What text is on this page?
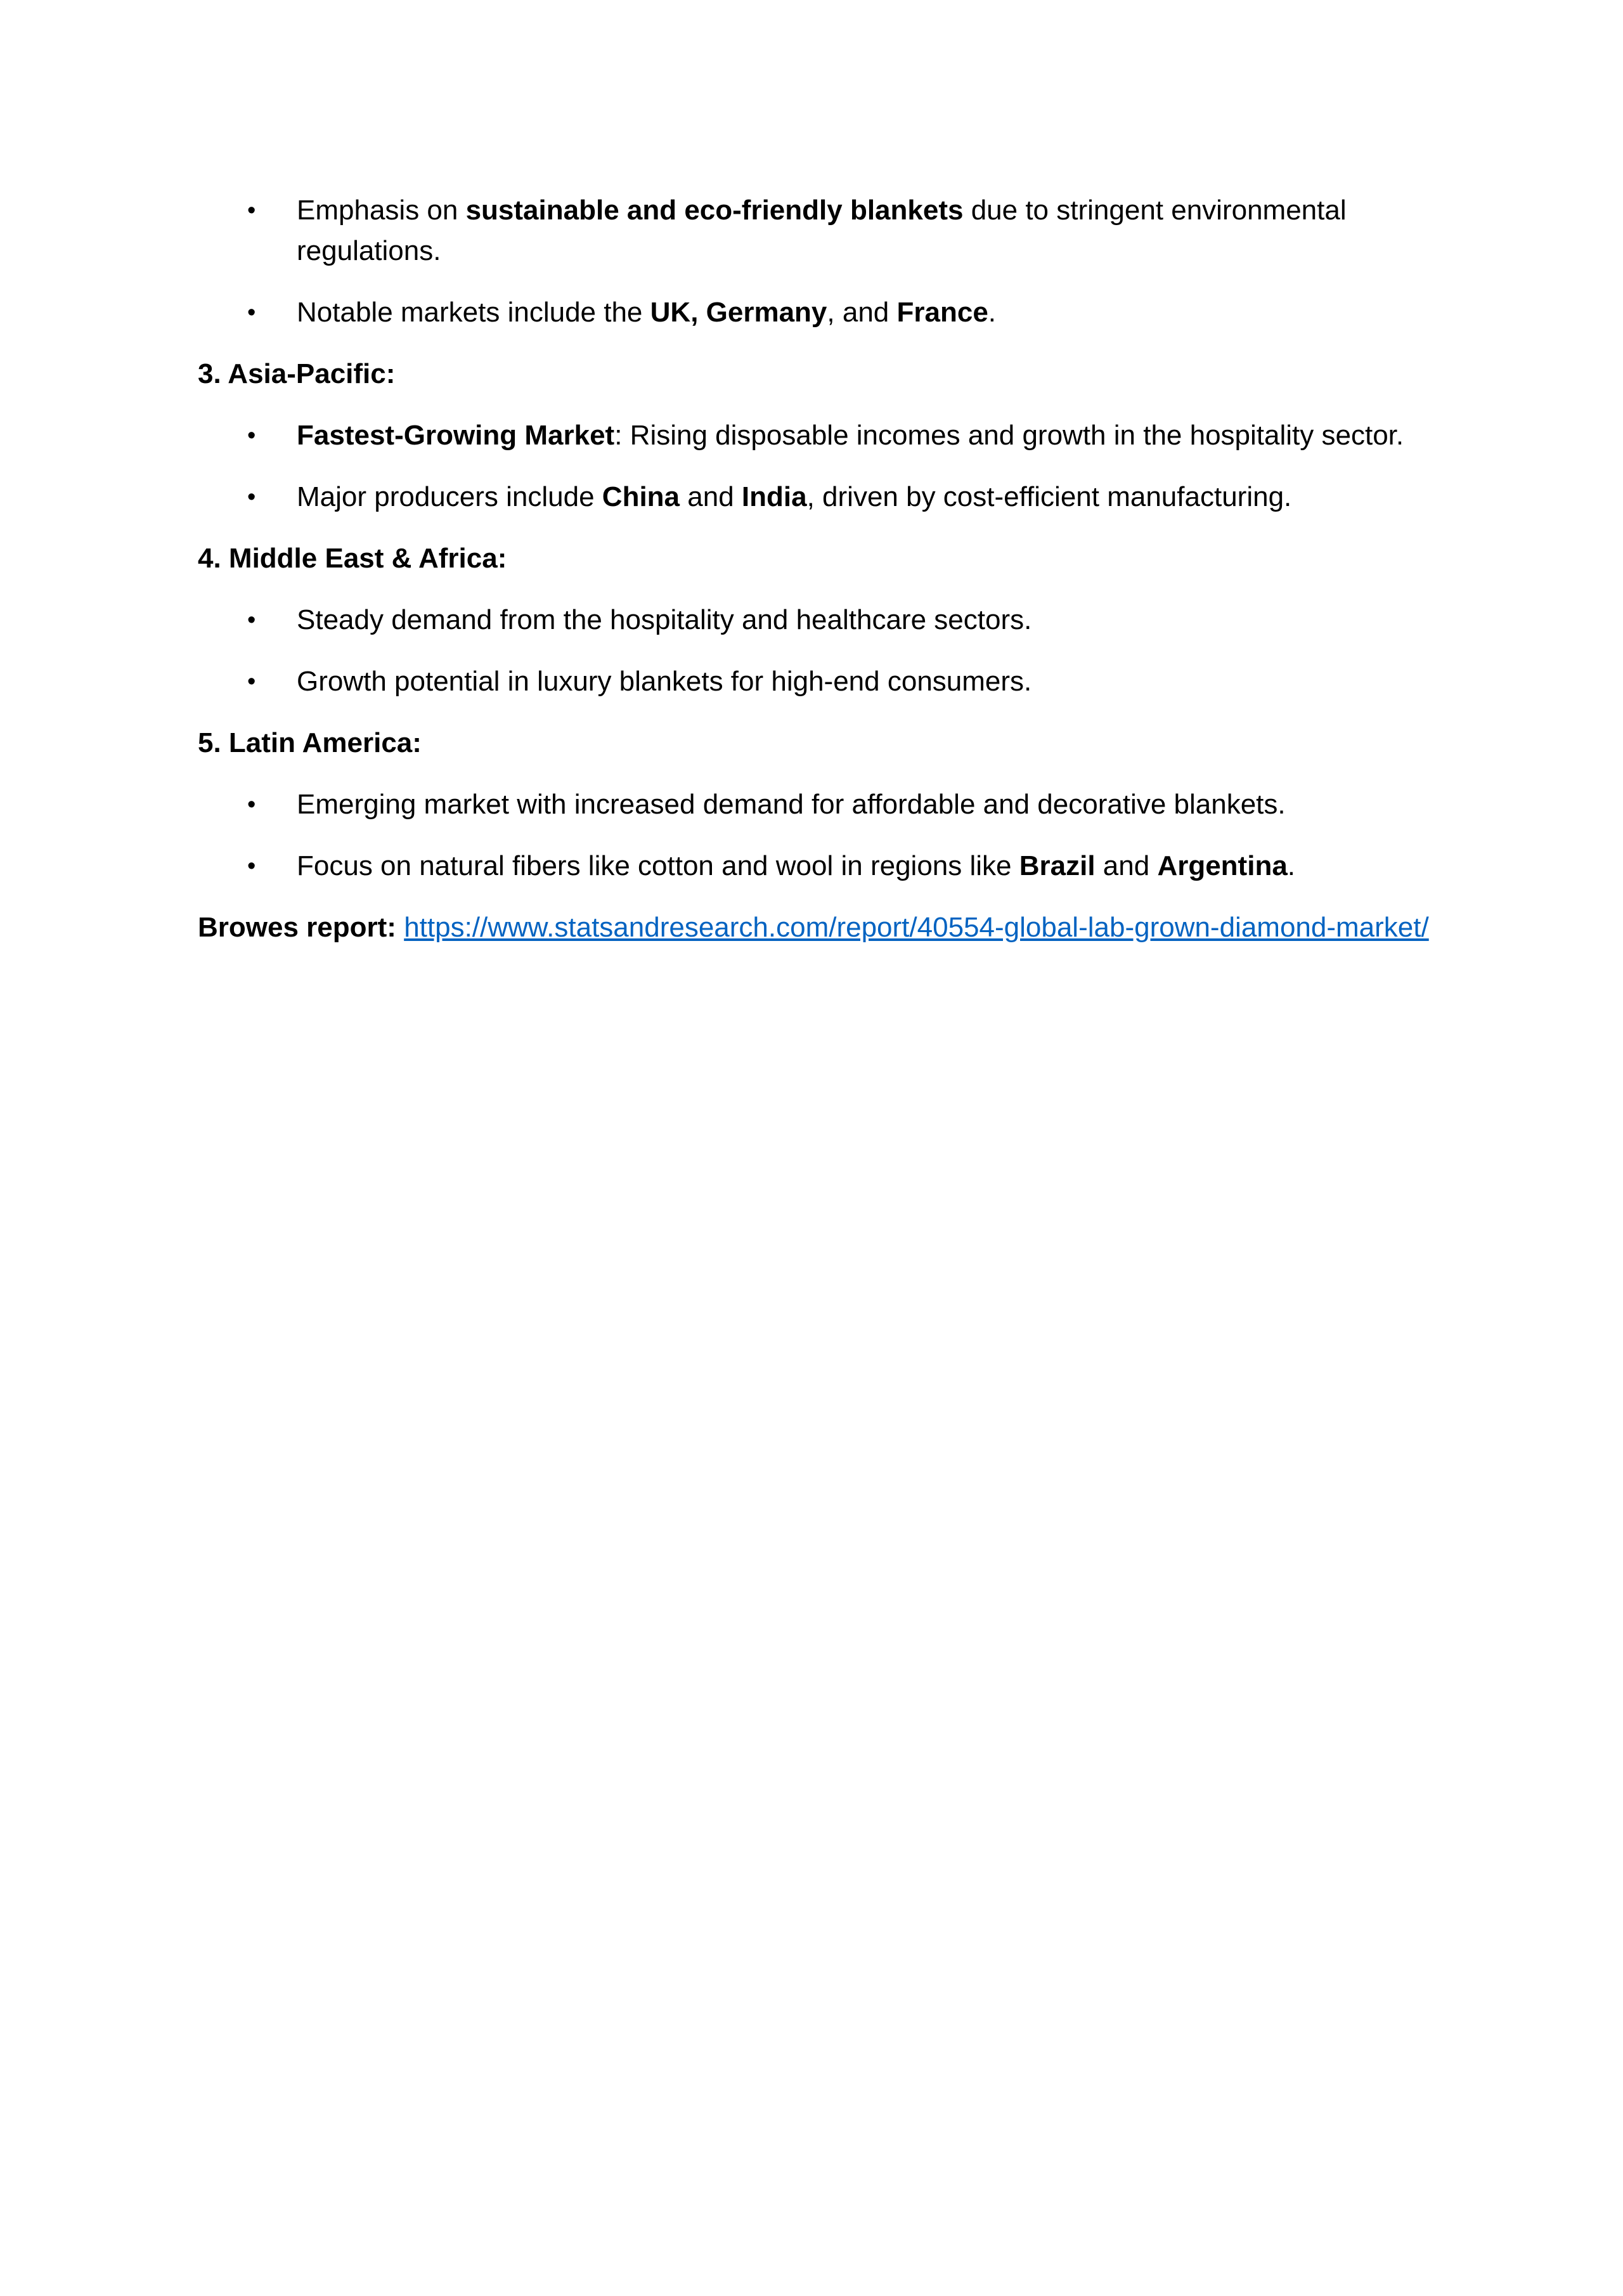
• Emphasis on sustainable and eco-friendly blankets due to stringent environmental regulations.
• Notable markets include the UK, Germany, and France.

3. Asia-Pacific:

• Fastest-Growing Market: Rising disposable incomes and growth in the hospitality sector.
• Major producers include China and India, driven by cost-efficient manufacturing.

4. Middle East & Africa:

• Steady demand from the hospitality and healthcare sectors.
• Growth potential in luxury blankets for high-end consumers.

5. Latin America:

• Emerging market with increased demand for affordable and decorative blankets.
• Focus on natural fibers like cotton and wool in regions like Brazil and Argentina.

Browes report: https://www.statsandresearch.com/report/40554-global-lab-grown-diamond-market/
